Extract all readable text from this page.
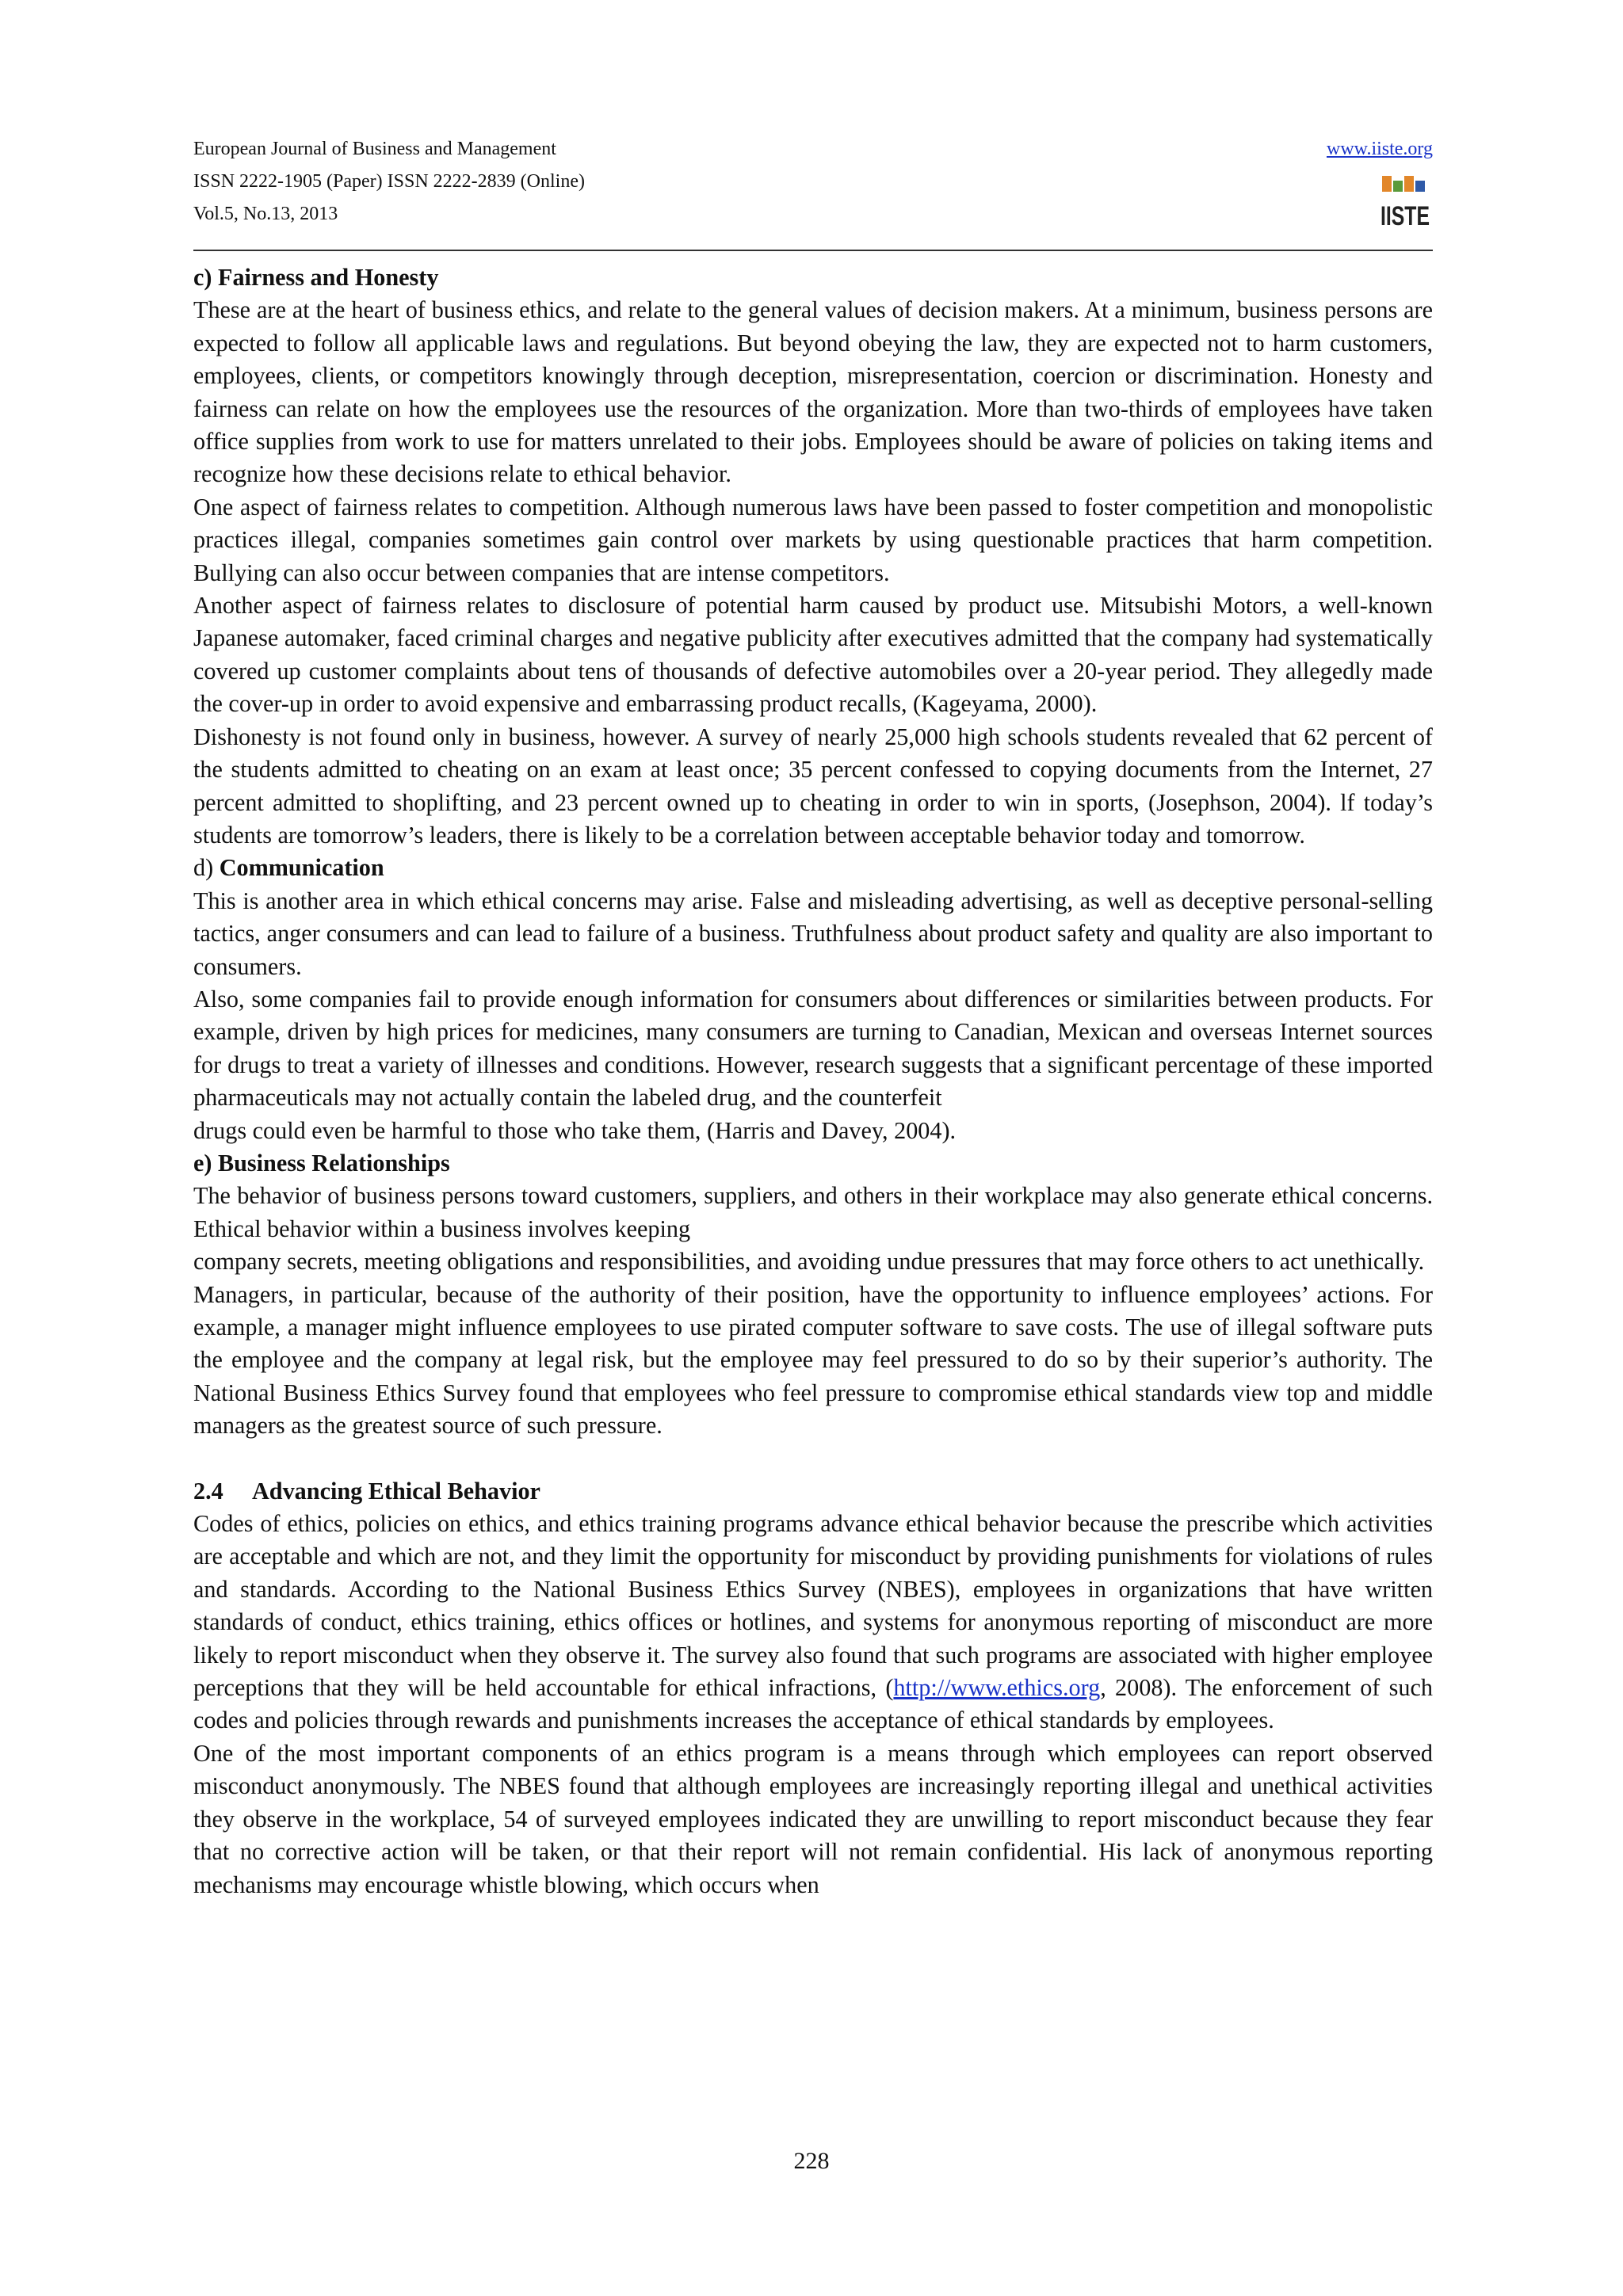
European Journal of Business and Management
ISSN 2222-1905 (Paper) ISSN 2222-2839 (Online)
Vol.5, No.13, 2013
www.iiste.org
IISTE
c) Fairness and Honesty

These are at the heart of business ethics, and relate to the general values of decision makers. At a minimum, business persons are expected to follow all applicable laws and regulations. But beyond obeying the law, they are expected not to harm customers, employees, clients, or competitors knowingly through deception, misrepresentation, coercion or discrimination. Honesty and fairness can relate on how the employees use the resources of the organization. More than two-thirds of employees have taken office supplies from work to use for matters unrelated to their jobs. Employees should be aware of policies on taking items and recognize how these decisions relate to ethical behavior.

One aspect of fairness relates to competition. Although numerous laws have been passed to foster competition and monopolistic practices illegal, companies sometimes gain control over markets by using questionable practices that harm competition. Bullying can also occur between companies that are intense competitors.

Another aspect of fairness relates to disclosure of potential harm caused by product use. Mitsubishi Motors, a well-known Japanese automaker, faced criminal charges and negative publicity after executives admitted that the company had systematically covered up customer complaints about tens of thousands of defective automobiles over a 20-year period. They allegedly made the cover-up in order to avoid expensive and embarrassing product recalls, (Kageyama, 2000).

Dishonesty is not found only in business, however. A survey of nearly 25,000 high schools students revealed that 62 percent of the students admitted to cheating on an exam at least once; 35 percent confessed to copying documents from the Internet, 27 percent admitted to shoplifting, and 23 percent owned up to cheating in order to win in sports, (Josephson, 2004). lf today’s students are tomorrow’s leaders, there is likely to be a correlation between acceptable behavior today and tomorrow.

d) Communication

This is another area in which ethical concerns may arise. False and misleading advertising, as well as deceptive personal-selling tactics, anger consumers and can lead to failure of a business. Truthfulness about product safety and quality are also important to consumers.

Also, some companies fail to provide enough information for consumers about differences or similarities between products. For example, driven by high prices for medicines, many consumers are turning to Canadian, Mexican and overseas Internet sources for drugs to treat a variety of illnesses and conditions. However, research suggests that a significant percentage of these imported pharmaceuticals may not actually contain the labeled drug, and the counterfeit

drugs could even be harmful to those who take them, (Harris and Davey, 2004).

e) Business Relationships

The behavior of business persons toward customers, suppliers, and others in their workplace may also generate ethical concerns. Ethical behavior within a business involves keeping

company secrets, meeting obligations and responsibilities, and avoiding undue pressures that may force others to act unethically.

Managers, in particular, because of the authority of their position, have the opportunity to influence employees’ actions. For example, a manager might influence employees to use pirated computer software to save costs. The use of illegal software puts the employee and the company at legal risk, but the employee may feel pressured to do so by their superior’s authority. The National Business Ethics Survey found that employees who feel pressure to compromise ethical standards view top and middle managers as the greatest source of such pressure.

2.4 Advancing Ethical Behavior

Codes of ethics, policies on ethics, and ethics training programs advance ethical behavior because the prescribe which activities are acceptable and which are not, and they limit the opportunity for misconduct by providing punishments for violations of rules and standards. According to the National Business Ethics Survey (NBES), employees in organizations that have written standards of conduct, ethics training, ethics offices or hotlines, and systems for anonymous reporting of misconduct are more likely to report misconduct when they observe it. The survey also found that such programs are associated with higher employee perceptions that they will be held accountable for ethical infractions, (http://www.ethics.org, 2008). The enforcement of such codes and policies through rewards and punishments increases the acceptance of ethical standards by employees.

One of the most important components of an ethics program is a means through which employees can report observed misconduct anonymously. The NBES found that although employees are increasingly reporting illegal and unethical activities they observe in the workplace, 54 of surveyed employees indicated they are unwilling to report misconduct because they fear that no corrective action will be taken, or that their report will not remain confidential. His lack of anonymous reporting mechanisms may encourage whistle blowing, which occurs when

228
